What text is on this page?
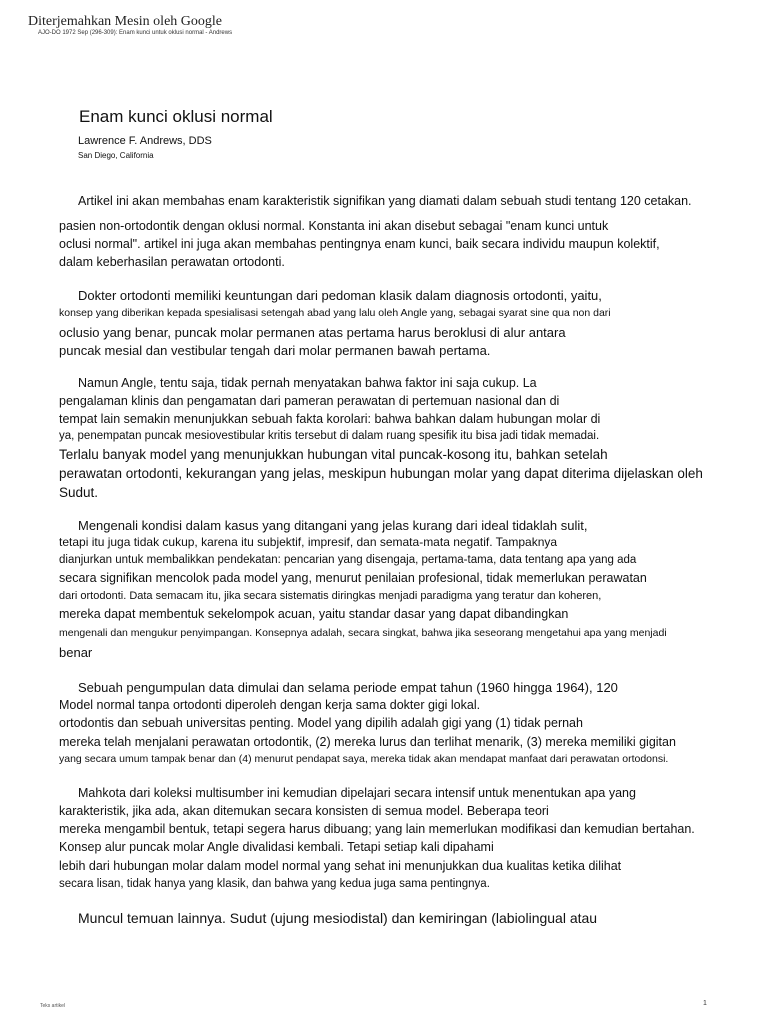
Diterjemahkan Mesin oleh Google
AJO-DO 1972 Sep (296-309): Enam kunci untuk oklusi normal - Andrews
Enam kunci oklusi normal
Lawrence F. Andrews, DDS
San Diego, California
Artikel ini akan membahas enam karakteristik signifikan yang diamati dalam sebuah studi tentang 120 cetakan.
pasien non-ortodontik dengan oklusi normal. Konstanta ini akan disebut sebagai "enam kunci untuk
oclusi normal". artikel ini juga akan membahas pentingnya enam kunci, baik secara individu maupun kolektif,
dalam keberhasilan perawatan ortodonti.
Dokter ortodonti memiliki keuntungan dari pedoman klasik dalam diagnosis ortodonti, yaitu,
konsep yang diberikan kepada spesialisasi setengah abad yang lalu oleh Angle yang, sebagai syarat sine qua non dari
oclusio yang benar, puncak molar permanen atas pertama harus beroklusi di alur antara
puncak mesial dan vestibular tengah dari molar permanen bawah pertama.
Namun Angle, tentu saja, tidak pernah menyatakan bahwa faktor ini saja cukup. La
pengalaman klinis dan pengamatan dari pameran perawatan di pertemuan nasional dan di
tempat lain semakin menunjukkan sebuah fakta korolari: bahwa bahkan dalam hubungan molar di
ya, penempatan puncak mesiovestibular kritis tersebut di dalam ruang spesifik itu bisa jadi tidak memadai.
Terlalu banyak model yang menunjukkan hubungan vital puncak-kosong itu, bahkan setelah
perawatan ortodonti, kekurangan yang jelas, meskipun hubungan molar yang dapat diterima dijelaskan oleh
Sudut.
Mengenali kondisi dalam kasus yang ditangani yang jelas kurang dari ideal tidaklah sulit,
tetapi itu juga tidak cukup, karena itu subjektif, impresif, dan semata-mata negatif. Tampaknya
dianjurkan untuk membalikkan pendekatan: pencarian yang disengaja, pertama-tama, data tentang apa yang ada
secara signifikan mencolok pada model yang, menurut penilaian profesional, tidak memerlukan perawatan
dari ortodonti. Data semacam itu, jika secara sistematis diringkas menjadi paradigma yang teratur dan koheren,
mereka dapat membentuk sekelompok acuan, yaitu standar dasar yang dapat dibandingkan
mengenali dan mengukur penyimpangan. Konsepnya adalah, secara singkat, bahwa jika seseorang mengetahui apa yang menjadi
benar
Sebuah pengumpulan data dimulai dan selama periode empat tahun (1960 hingga 1964), 120
Model normal tanpa ortodonti diperoleh dengan kerja sama dokter gigi lokal.
ortodontis dan sebuah universitas penting. Model yang dipilih adalah gigi yang (1) tidak pernah
mereka telah menjalani perawatan ortodontik, (2) mereka lurus dan terlihat menarik, (3) mereka memiliki gigitan
yang secara umum tampak benar dan (4) menurut pendapat saya, mereka tidak akan mendapat manfaat dari perawatan ortodonsi.
Mahkota dari koleksi multisumber ini kemudian dipelajari secara intensif untuk menentukan apa yang
karakteristik, jika ada, akan ditemukan secara konsisten di semua model. Beberapa teori
mereka mengambil bentuk, tetapi segera harus dibuang; yang lain memerlukan modifikasi dan kemudian bertahan.
Konsep alur puncak molar Angle divalidasi kembali. Tetapi setiap kali dipahami
lebih dari hubungan molar dalam model normal yang sehat ini menunjukkan dua kualitas ketika dilihat
secara lisan, tidak hanya yang klasik, dan bahwa yang kedua juga sama pentingnya.
Muncul temuan lainnya. Sudut (ujung mesiodistal) dan kemiringan (labiolingual atau
Teks artikel	1
